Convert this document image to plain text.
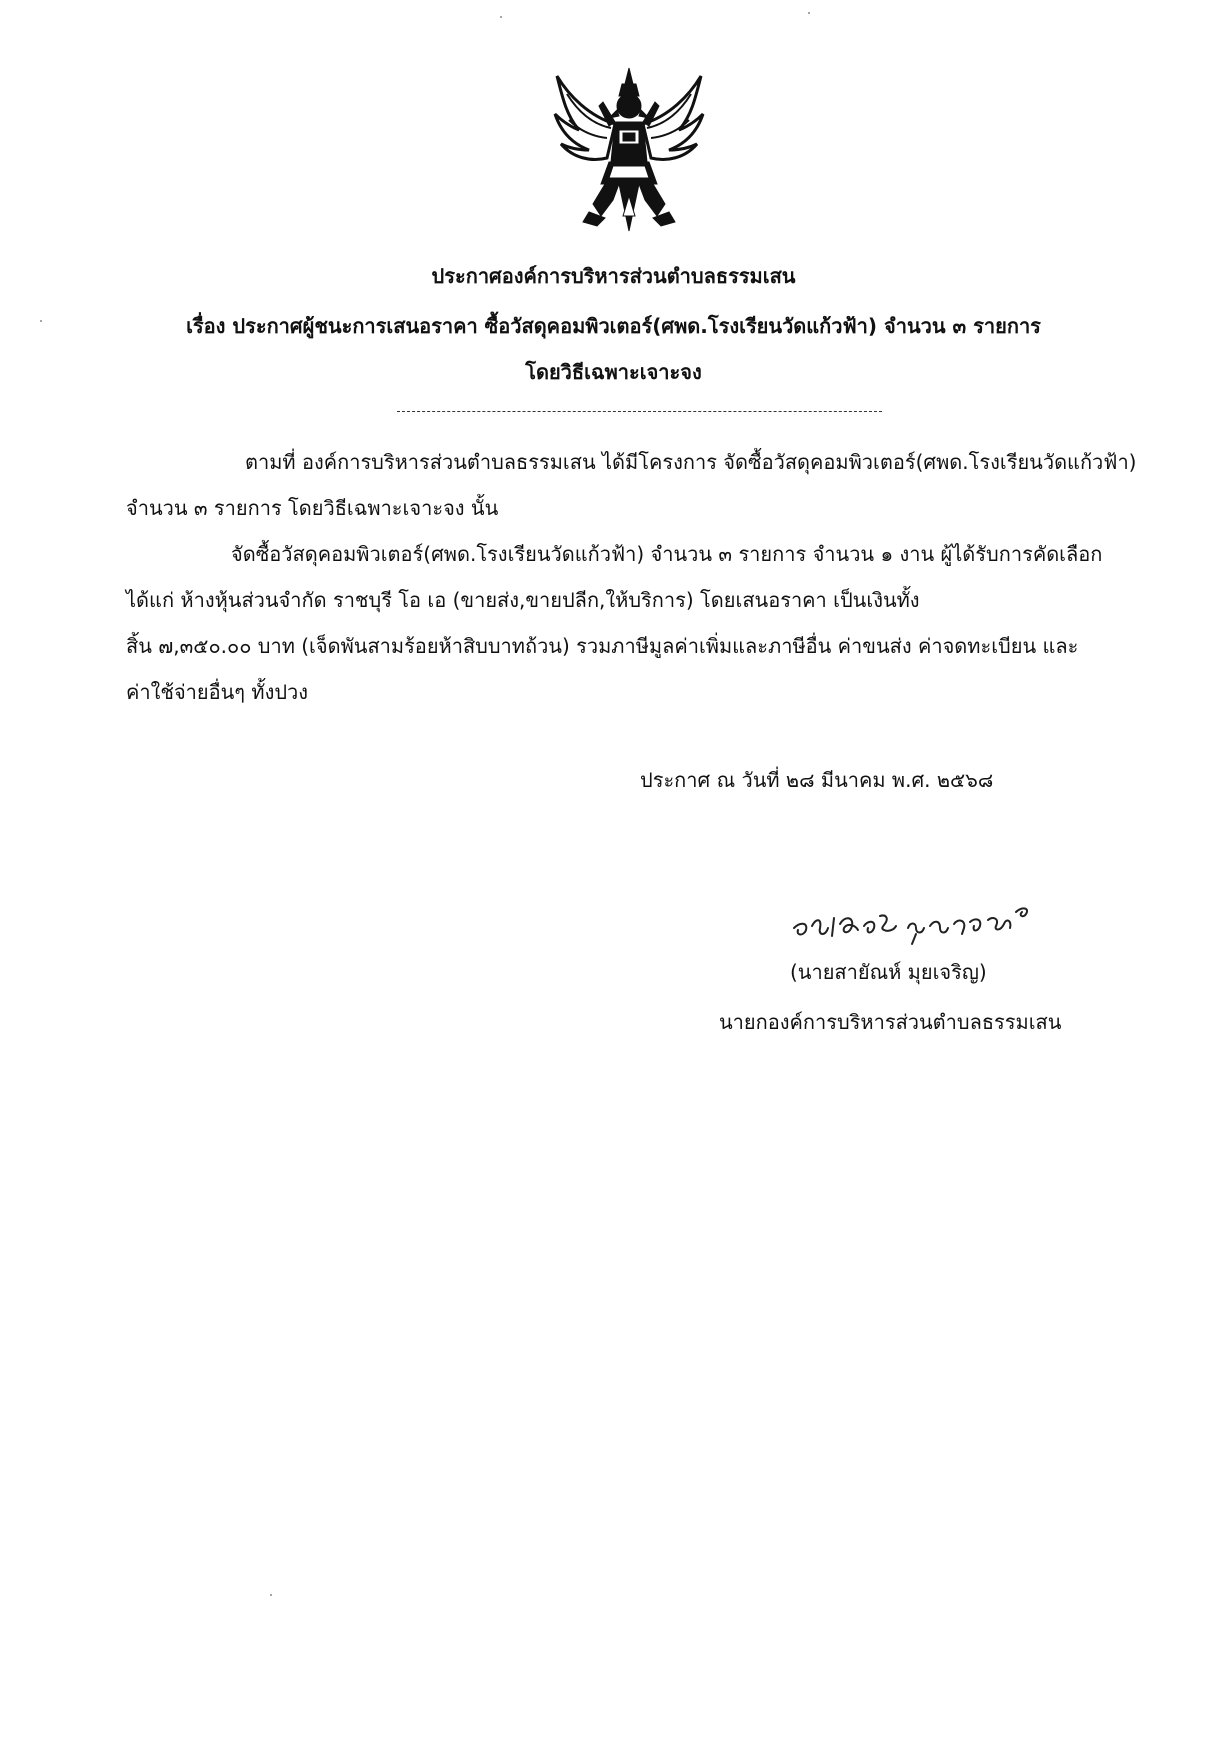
ประกาศองค์การบริหารส่วนตำบลธรรมเสน
เรื่อง ประกาศผู้ชนะการเสนอราคา ซื้อวัสดุคอมพิวเตอร์(ศพด.โรงเรียนวัดแก้วฟ้า) จำนวน ๓ รายการ
โดยวิธีเฉพาะเจาะจง
ตามที่ องค์การบริหารส่วนตำบลธรรมเสน ได้มีโครงการ จัดซื้อวัสดุคอมพิวเตอร์(ศพด.โรงเรียนวัดแก้วฟ้า)
จำนวน ๓ รายการ โดยวิธีเฉพาะเจาะจง นั้น
จัดซื้อวัสดุคอมพิวเตอร์(ศพด.โรงเรียนวัดแก้วฟ้า) จำนวน ๓ รายการ จำนวน ๑ งาน ผู้ได้รับการคัดเลือก
ได้แก่ ห้างหุ้นส่วนจำกัด ราชบุรี โอ เอ (ขายส่ง,ขายปลีก,ให้บริการ) โดยเสนอราคา เป็นเงินทั้ง
สิ้น ๗,๓๕๐.๐๐ บาท (เจ็ดพันสามร้อยห้าสิบบาทถ้วน) รวมภาษีมูลค่าเพิ่มและภาษีอื่น ค่าขนส่ง ค่าจดทะเบียน และ
ค่าใช้จ่ายอื่นๆ ทั้งปวง
ประกาศ ณ วันที่ ๒๘ มีนาคม พ.ศ. ๒๕๖๘
(นายสายัณห์ มุยเจริญ)
นายกองค์การบริหารส่วนตำบลธรรมเสน
